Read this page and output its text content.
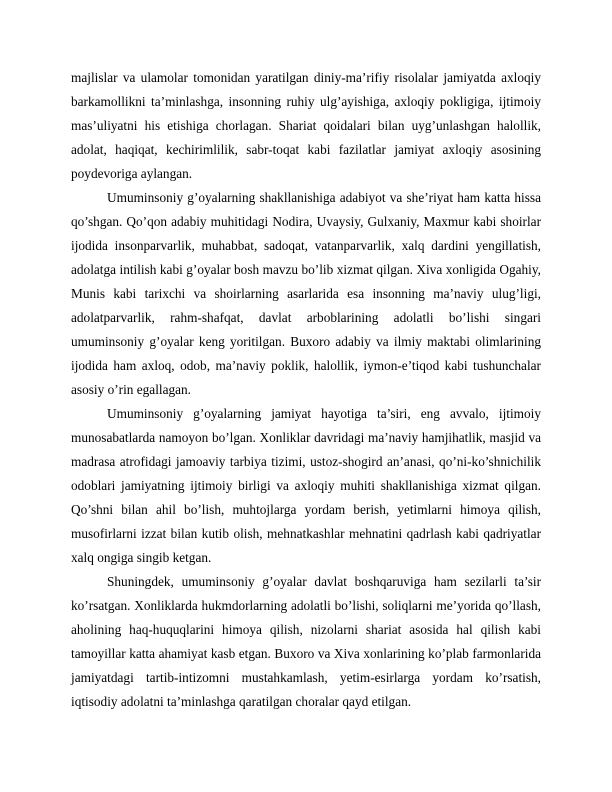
majlislar va ulamolar tomonidan yaratilgan diniy-ma’rifiy risolalar jamiyatda axloqiy barkamollikni ta’minlashga, insonning ruhiy ulg’ayishiga, axloqiy pokligiga, ijtimoiy mas’uliyatni his etishiga chorlagan. Shariat qoidalari bilan uyg’unlashgan halollik, adolat, haqiqat, kechirimlilik, sabr-toqat kabi fazilatlar jamiyat axloqiy asosining poydevoriga aylangan.

Umuminsoniy g’oyalarning shakllanishiga adabiyot va she’riyat ham katta hissa qo’shgan. Qo’qon adabiy muhitidagi Nodira, Uvaysiy, Gulxaniy, Maxmur kabi shoirlar ijodida insonparvarlik, muhabbat, sadoqat, vatanparvarlik, xalq dardini yengillatish, adolatga intilish kabi g’oyalar bosh mavzu bo’lib xizmat qilgan. Xiva xonligida Ogahiy, Munis kabi tarixchi va shoirlarning asarlarida esa insonning ma’naviy ulug’ligi, adolatparvarlik, rahm-shafqat, davlat arboblarining adolatli bo’lishi singari umuminsoniy g’oyalar keng yoritilgan. Buxoro adabiy va ilmiy maktabi olimlarining ijodida ham axloq, odob, ma’naviy poklik, halollik, iymon-e’tiqod kabi tushunchalar asosiy o’rin egallagan.

Umuminsoniy g’oyalarning jamiyat hayotiga ta’siri, eng avvalo, ijtimoiy munosabatlarda namoyon bo’lgan. Xonliklar davridagi ma’naviy hamjihatlik, masjid va madrasa atrofidagi jamoaviy tarbiya tizimi, ustoz-shogird an’anasi, qo’ni-ko’shnichilik odoblari jamiyatning ijtimoiy birligi va axloqiy muhiti shakllanishiga xizmat qilgan. Qo’shni bilan ahil bo’lish, muhtojlarga yordam berish, yetimlarni himoya qilish, musofirlarni izzat bilan kutib olish, mehnatkashlar mehnatini qadrlash kabi qadriyatlar xalq ongiga singib ketgan.

Shuningdek, umuminsoniy g’oyalar davlat boshqaruviga ham sezilarli ta’sir ko’rsatgan. Xonliklarda hukmdorlarning adolatli bo’lishi, soliqlarni me’yorida qo’llash, aholining haq-huquqlarini himoya qilish, nizolarni shariat asosida hal qilish kabi tamoyillar katta ahamiyat kasb etgan. Buxoro va Xiva xonlarining ko’plab farmonlarida jamiyatdagi tartib-intizomni mustahkamlash, yetim-esirlarga yordam ko’rsatish, iqtisodiy adolatni ta’minlashga qaratilgan choralar qayd etilgan.
